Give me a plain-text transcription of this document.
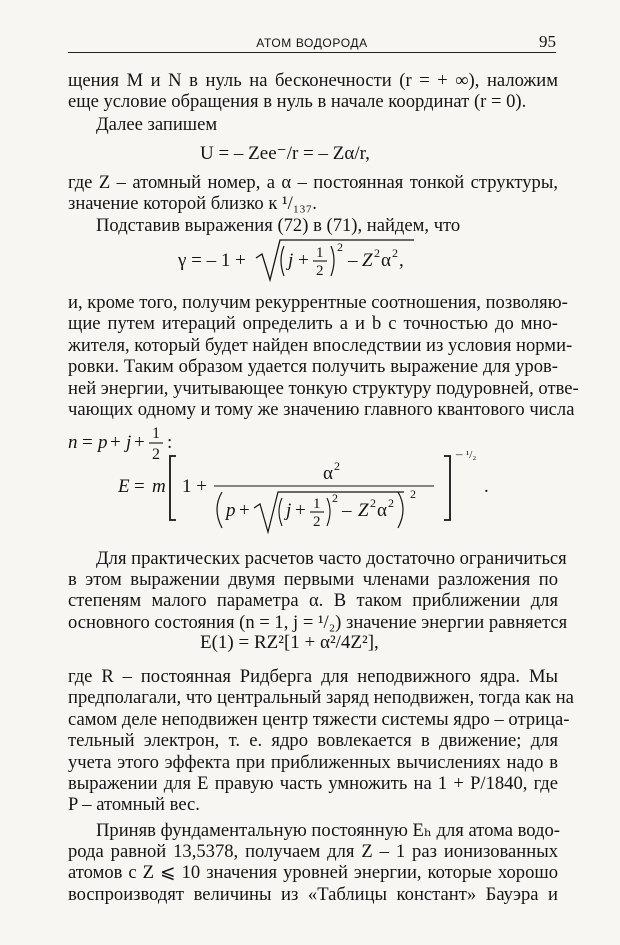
АТОМ ВОДОРОДА	95
щения M и N в нуль на бесконечности (r = + ∞), наложим
еще условие обращения в нуль в начале координат (r = 0).
Далее запишем
U = – Zee⁻/r = – Zα/r,
где Z – атомный номер, а α – постоянная тонкой структуры,
значение которой близко к ¹/₁₃₇.
Подставив выражения (72) в (71), найдем, что
γ = – 1 + j + 1
2
2
– Z 2 α 2 ,
и, кроме того, получим рекуррентные соотношения, позволяю-
щие путем итераций определить a и b с точностью до мно-
жителя, который будет найден впоследствии из условия норми-
ровки. Таким образом удается получить выражение для уров-
ней энергии, учитывающее тонкую структуру подуровней, отве-
чающих одному и тому же значению главного квантового числа
n = p + j + 1
2
:
E = m 1 +
α 2
p + j + 1
2
2
– Z 2 α 2
2
– ¹/₂
.
Для практических расчетов часто достаточно ограничиться
в этом выражении двумя первыми членами разложения по
степеням малого параметра α. В таком приближении для
основного состояния (n = 1, j = ¹/₂) значение энергии равняется
E(1) = RZ²[1 + α²/4Z²],
где R – постоянная Ридберга для неподвижного ядра. Мы
предполагали, что центральный заряд неподвижен, тогда как на
самом деле неподвижен центр тяжести системы ядро – отрица-
тельный электрон, т. е. ядро вовлекается в движение; для
учета этого эффекта при приближенных вычислениях надо в
выражении для E правую часть умножить на 1 + P/1840, где
P – атомный вес.
Приняв фундаментальную постоянную Eₕ для атома водо-
рода равной 13,5378, получаем для Z – 1 раз ионизованных
атомов с Z ⩽ 10 значения уровней энергии, которые хорошо
воспроизводят величины из «Таблицы констант» Бауэра и
